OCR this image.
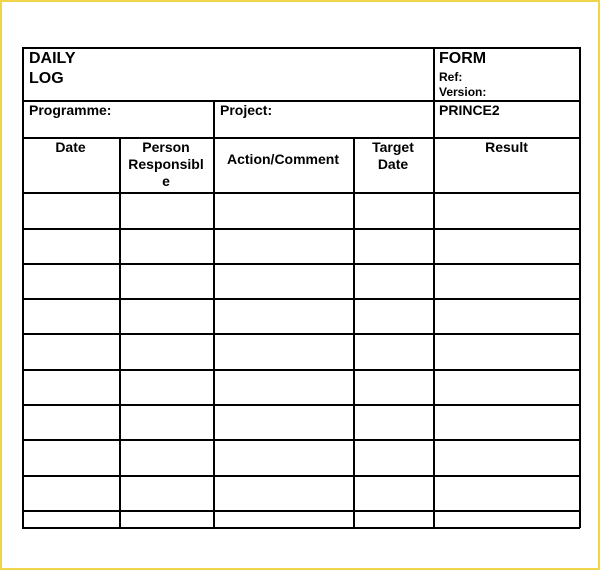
DAILY
LOG
FORM
Ref:
Version:
PRINCE2
Programme:	Project:
Date	Person
Responsibl
e
Action/Comment
Target
Date
Result
